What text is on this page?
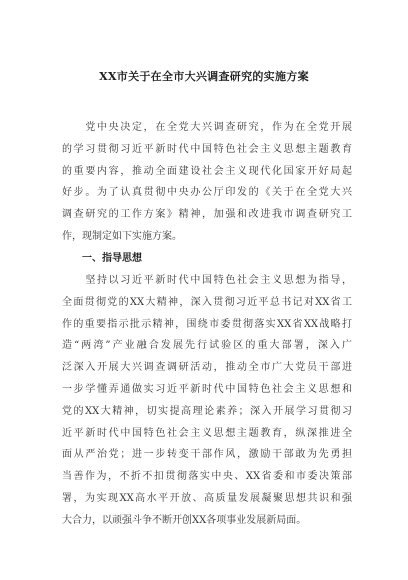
XX市关于在全市大兴调查研究的实施方案
　　党中央决定，在全党大兴调查研究，作为在全党开展
的学习贯彻习近平新时代中国特色社会主义思想主题教育
的重要内容，推动全面建设社会主义现代化国家开好局起
好步。为了认真贯彻中央办公厅印发的《关于在全党大兴
调查研究的工作方案》精神，加强和改进我市调查研究工
作，现制定如下实施方案。
一、指导思想
　　坚持以习近平新时代中国特色社会主义思想为指导，
全面贯彻党的XX大精神，深入贯彻习近平总书记对XX省工
作的重要指示批示精神，围绕市委贯彻落实XX省XX战略打
造“两湾”产业融合发展先行试验区的重大部署，深入广
泛深入开展大兴调查调研活动，推动全市广大党员干部进
一步学懂弄通做实习近平新时代中国特色社会主义思想和
党的XX大精神，切实提高理论素养；深入开展学习贯彻习
近平新时代中国特色社会主义思想主题教育，纵深推进全
面从严治党；进一步转变干部作风，激励干部敢为先勇担
当善作为，不折不扣贯彻落实中央、XX省委和市委决策部
署，为实现XX高水平开放、高质量发展凝聚思想共识和强
大合力，以顽强斗争不断开创XX各项事业发展新局面。
